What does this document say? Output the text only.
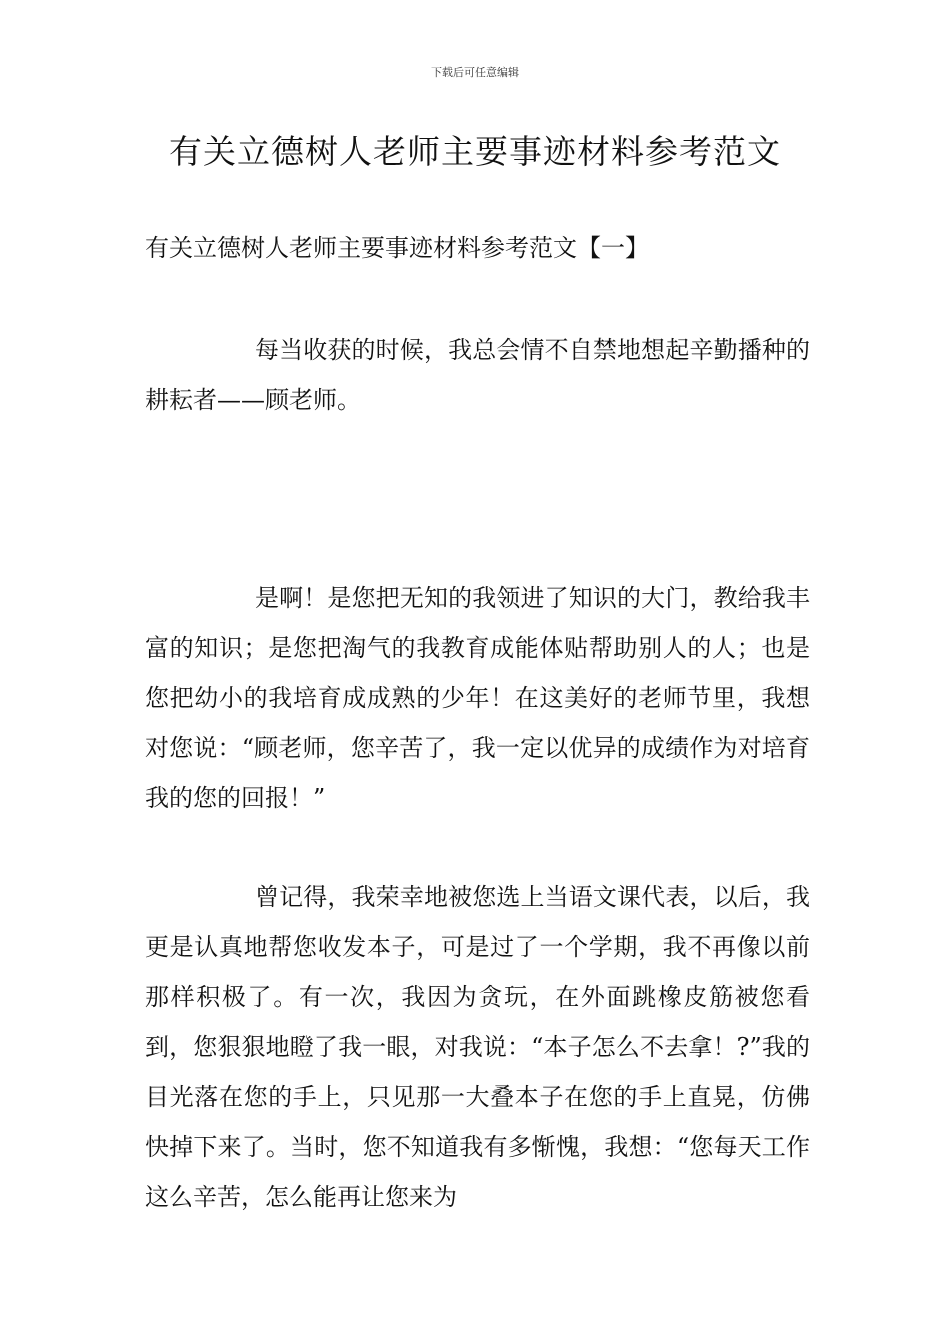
下载后可任意编辑
有关立德树人老师主要事迹材料参考范文

有关立德树人老师主要事迹材料参考范文【一】

每当收获的时候，我总会情不自禁地想起辛勤播种的耕耘者——顾老师。

是啊！是您把无知的我领进了知识的大门，教给我丰富的知识；是您把淘气的我教育成能体贴帮助别人的人；也是您把幼小的我培育成成熟的少年！在这美好的老师节里，我想对您说：“顾老师，您辛苦了，我一定以优异的成绩作为对培育我的您的回报！”

曾记得，我荣幸地被您选上当语文课代表，以后，我更是认真地帮您收发本子，可是过了一个学期，我不再像以前那样积极了。有一次，我因为贪玩，在外面跳橡皮筋被您看到，您狠狠地瞪了我一眼，对我说：“本子怎么不去拿！?”我的目光落在您的手上，只见那一大叠本子在您的手上直晃，仿佛快掉下来了。当时，您不知道我有多惭愧，我想：“您每天工作这么辛苦，怎么能再让您来为
